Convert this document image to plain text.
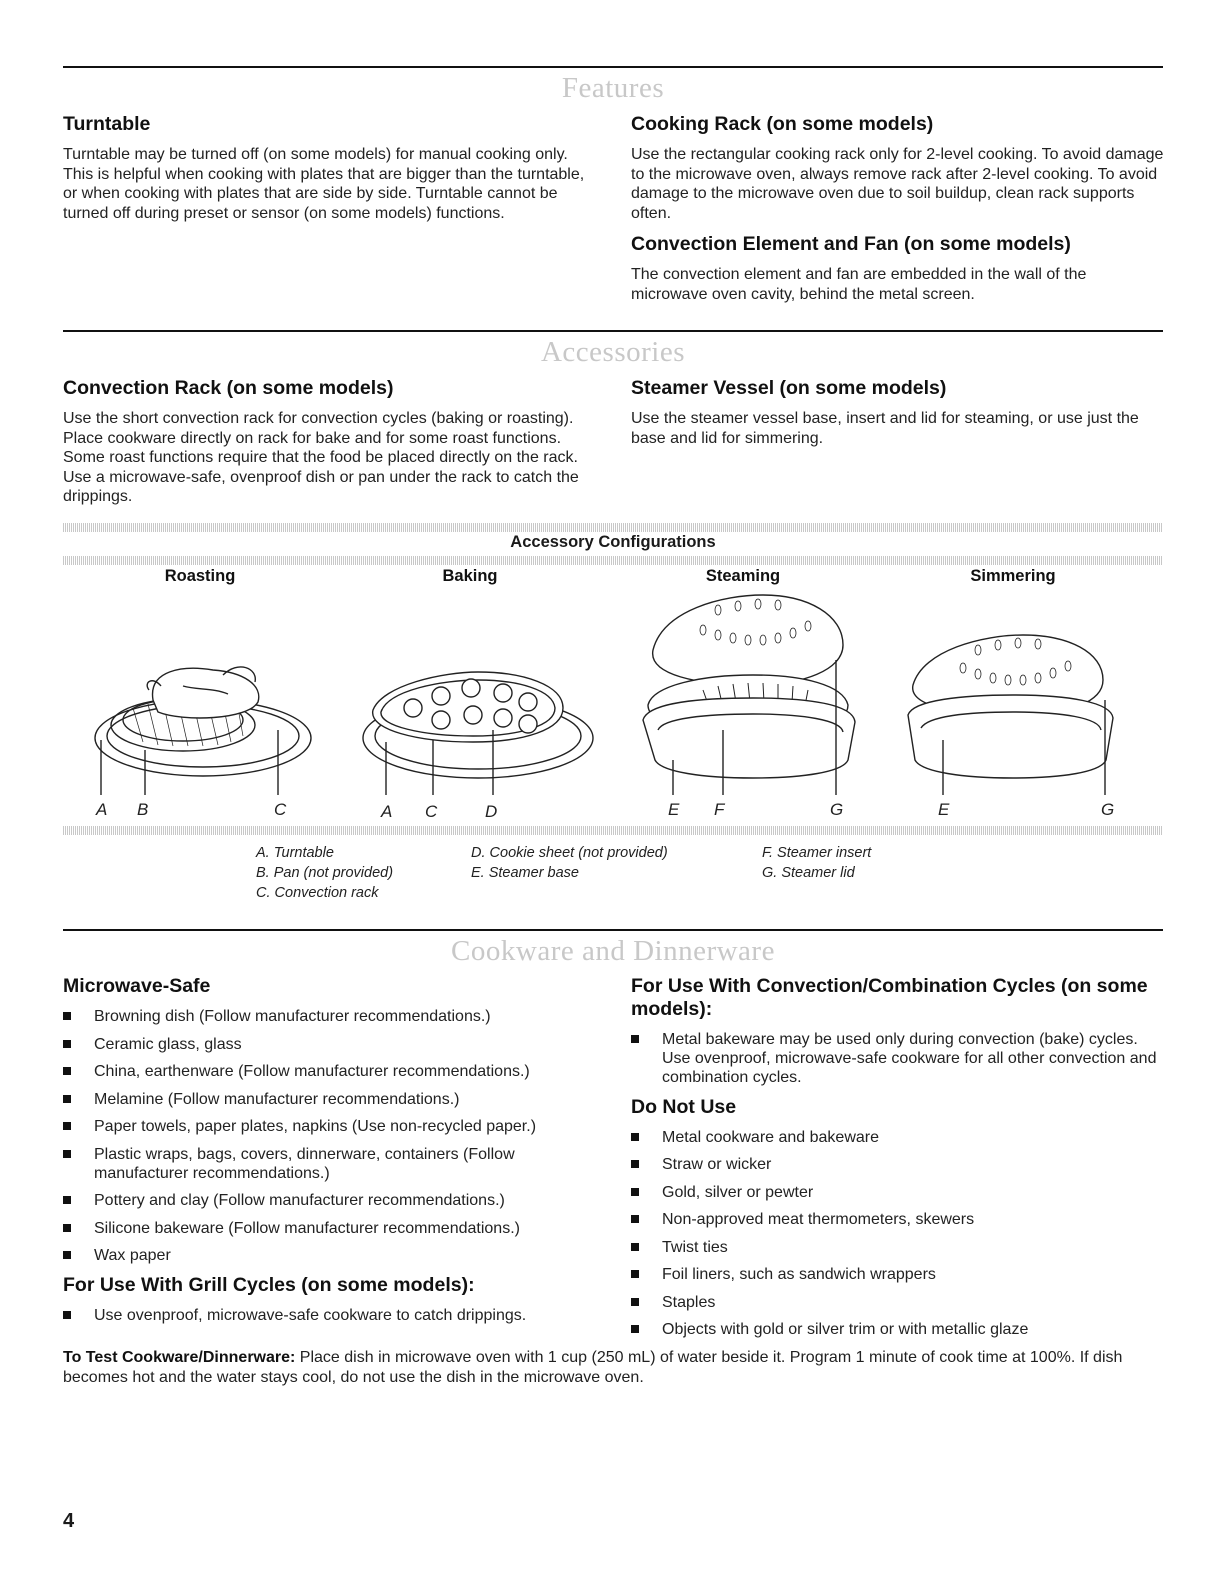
Features
Turntable

Turntable may be turned off (on some models) for manual cooking only. This is helpful when cooking with plates that are bigger than the turntable, or when cooking with plates that are side by side. Turntable cannot be turned off during preset or sensor (on some models) functions.

Cooking Rack (on some models)

Use the rectangular cooking rack only for 2-level cooking. To avoid damage to the microwave oven, always remove rack after 2-level cooking. To avoid damage to the microwave oven due to soil buildup, clean rack supports often.

Convection Element and Fan (on some models)

The convection element and fan are embedded in the wall of the microwave oven cavity, behind the metal screen.

Accessories
Convection Rack (on some models)

Use the short convection rack for convection cycles (baking or roasting). Place cookware directly on rack for bake and for some roast functions. Some roast functions require that the food be placed directly on the rack. Use a microwave-safe, ovenproof dish or pan under the rack to catch the drippings.

Steamer Vessel (on some models)

Use the steamer vessel base, insert and lid for steaming, or use just the base and lid for simmering.

Accessory Configurations
Roasting	Baking	Steaming	Simmering
A B	C	A C	D	E F	G	E	G
A. Turntable
B. Pan (not provided)
C. Convection rack
D. Cookie sheet (not provided)
E. Steamer base
F. Steamer insert
G. Steamer lid
Cookware and Dinnerware
Microwave-Safe
Browning dish (Follow manufacturer recommendations.)
Ceramic glass, glass
China, earthenware (Follow manufacturer recommendations.)
Melamine (Follow manufacturer recommendations.)
Paper towels, paper plates, napkins (Use non-recycled paper.)
Plastic wraps, bags, covers, dinnerware, containers (Follow manufacturer recommendations.)
Pottery and clay (Follow manufacturer recommendations.)
Silicone bakeware (Follow manufacturer recommendations.)
Wax paper
For Use With Grill Cycles (on some models):
Use ovenproof, microwave-safe cookware to catch drippings.
For Use With Convection/Combination Cycles (on some models):
Metal bakeware may be used only during convection (bake) cycles. Use ovenproof, microwave-safe cookware for all other convection and combination cycles.
Do Not Use
Metal cookware and bakeware
Straw or wicker
Gold, silver or pewter
Non-approved meat thermometers, skewers
Twist ties
Foil liners, such as sandwich wrappers
Staples
Objects with gold or silver trim or with metallic glaze

To Test Cookware/Dinnerware: Place dish in microwave oven with 1 cup (250 mL) of water beside it. Program 1 minute of cook time at 100%. If dish becomes hot and the water stays cool, do not use the dish in the microwave oven.

4
